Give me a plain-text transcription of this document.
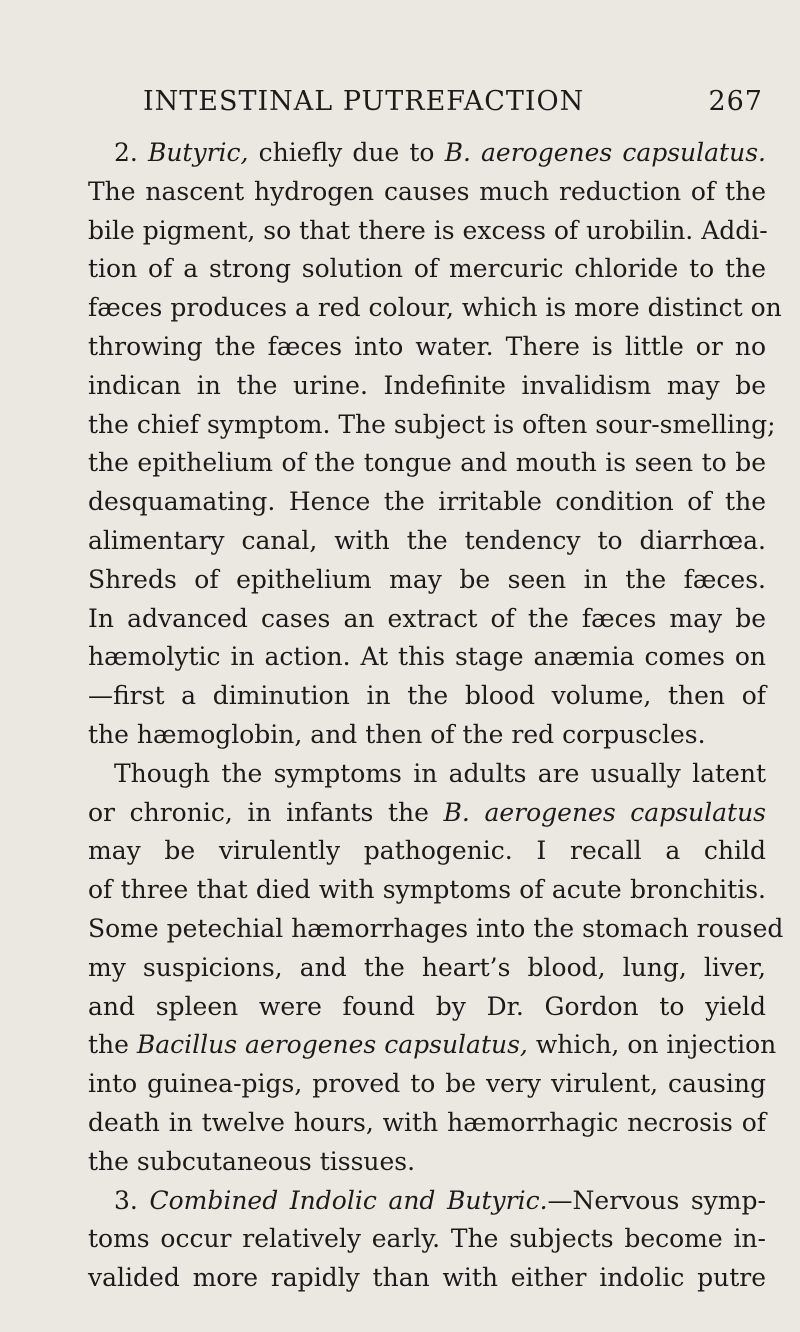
INTESTINAL PUTREFACTION	267
2. Butyric, chiefly due to B. aerogenes capsulatus.
The nascent hydrogen causes much reduction of the
bile pigment, so that there is excess of urobilin. Addi-
tion of a strong solution of mercuric chloride to the
fæces produces a red colour, which is more distinct on
throwing the fæces into water. There is little or no
indican in the urine. Indefinite invalidism may be
the chief symptom. The subject is often sour-smelling;
the epithelium of the tongue and mouth is seen to be
desquamating. Hence the irritable condition of the
alimentary canal, with the tendency to diarrhœa.
Shreds of epithelium may be seen in the fæces.
In advanced cases an extract of the fæces may be
hæmolytic in action. At this stage anæmia comes on
—first a diminution in the blood volume, then of
the hæmoglobin, and then of the red corpuscles.
Though the symptoms in adults are usually latent
or chronic, in infants the B. aerogenes capsulatus
may be virulently pathogenic. I recall a child
of three that died with symptoms of acute bronchitis.
Some petechial hæmorrhages into the stomach roused
my suspicions, and the heart’s blood, lung, liver,
and spleen were found by Dr. Gordon to yield
the Bacillus aerogenes capsulatus, which, on injection
into guinea-pigs, proved to be very virulent, causing
death in twelve hours, with hæmorrhagic necrosis of
the subcutaneous tissues.
3. Combined Indolic and Butyric.—Nervous symp-
toms occur relatively early. The subjects become in-
valided more rapidly than with either indolic putre
